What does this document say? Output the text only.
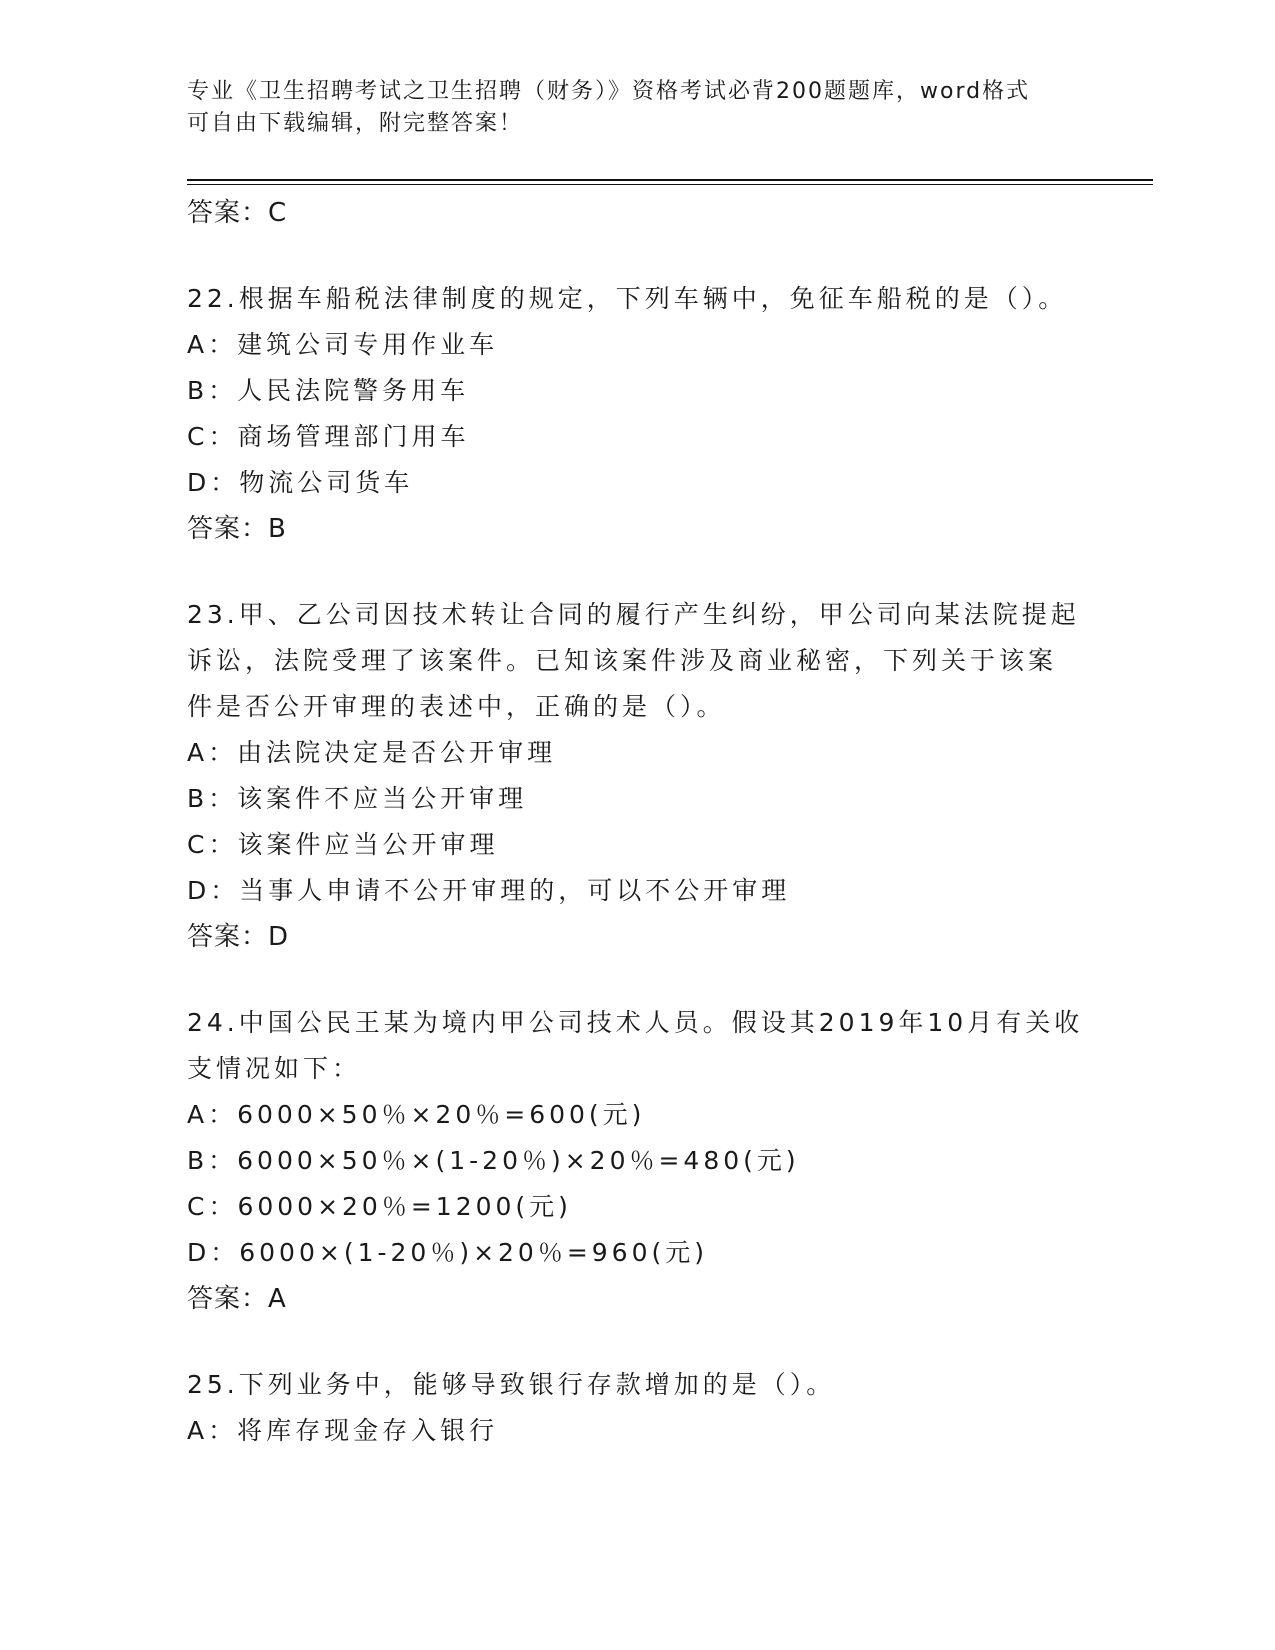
专业《卫生招聘考试之卫生招聘（财务）》资格考试必背200题题库，word格式
可自由下载编辑，附完整答案！
答案：C
22.根据车船税法律制度的规定，下列车辆中，免征车船税的是（）。
A：建筑公司专用作业车
B：人民法院警务用车
C：商场管理部门用车
D：物流公司货车
答案：B
23.甲、乙公司因技术转让合同的履行产生纠纷，甲公司向某法院提起
诉讼，法院受理了该案件。已知该案件涉及商业秘密，下列关于该案
件是否公开审理的表述中，正确的是（）。
A：由法院决定是否公开审理
B：该案件不应当公开审理
C：该案件应当公开审理
D：当事人申请不公开审理的，可以不公开审理
答案：D
24.中国公民王某为境内甲公司技术人员。假设其2019年10月有关收
支情况如下：
A：6000×50％×20％=600(元)
B：6000×50％×(1-20％)×20％=480(元)
C：6000×20％=1200(元)
D：6000×(1-20％)×20％=960(元)
答案：A
25.下列业务中，能够导致银行存款增加的是（）。
A：将库存现金存入银行
